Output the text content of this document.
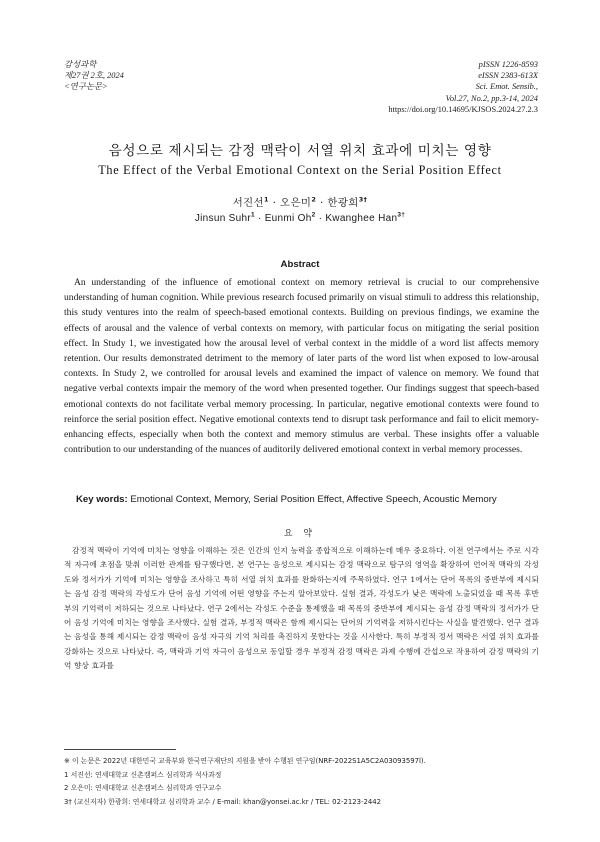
감성과학
제27권 2호, 2024
<연구논문>
pISSN 1226-8593
eISSN 2383-613X
Sci. Emot. Sensib.,
Vol.27, No.2, pp.3-14, 2024
https://doi.org/10.14695/KJSOS.2024.27.2.3
음성으로 제시되는 감정 맥락이 서열 위치 효과에 미치는 영향
The Effect of the Verbal Emotional Context on the Serial Position Effect
서진선$^1$ · 오은미$^2$ · 한광희$^{3\dagger}$
Jinsun Suhr$^1$ · Eunmi $Oh^2$ · Kwanghee Han$^{3\dagger}$
Abstract

An understanding of the influence of emotional context on memory retrieval is crucial to our comprehensive understanding of human cognition. While previous research focused primarily on visual stimuli to address this relationship, this study ventures into the realm of speech-based emotional contexts. Building on previous findings, we examine the effects of arousal and the valence of verbal contexts on memory, with particular focus on mitigating the serial position effect. In Study 1, we investigated how the arousal level of verbal context in the middle of a word list affects memory retention. Our results demonstrated detriment to the memory of later parts of the word list when exposed to low-arousal contexts. In Study 2, we controlled for arousal levels and examined the impact of valence on memory. We found that negative verbal contexts impair the memory of the word when presented together. Our findings suggest that speech-based emotional contexts do not facilitate verbal memory processing. In particular, negative emotional contexts were found to reinforce the serial position effect. Negative emotional contexts tend to disrupt task performance and fail to elicit memory-enhancing effects, especially when both the context and memory stimulus are verbal. These insights offer a valuable contribution to our understanding of the nuances of auditorily delivered emotional context in verbal memory processes.

Key words: Emotional Context, Memory, Serial Position Effect, Affective Speech, Acoustic Memory
요 약

감정적 맥락이 기억에 미치는 영향을 이해하는 것은 인간의 인지 능력을 종합적으로 이해하는데 매우 중요하다. 이전 연구에서는 주로 시각적 자극에 초점을 맞춰 이러한 관계를 탐구했다면, 본 연구는 음성으로 제시되는 감정 맥락으로 탐구의 영역을 확장하여 언어적 맥락의 각성도와 정서가가 기억에 미치는 영향을 조사하고 특히 서열 위치 효과를 완화하는지에 주목하였다. 연구 1에서는 단어 목록의 중반부에 제시되는 음성 감정 맥락의 각성도가 단어 음성 기억에 어떤 영향을 주는지 알아보았다. 실험 결과, 각성도가 낮은 맥락에 노출되었을 때 목록 후반부의 기억력이 저하되는 것으로 나타났다. 연구 2에서는 각성도 수준을 통제했을 때 목록의 중반부에 제시되는 음성 감정 맥락의 정서가가 단어 음성 기억에 미치는 영향을 조사했다. 실험 결과, 부정적 맥락은 함께 제시되는 단어의 기억력을 저하시킨다는 사실을 발견했다. 연구 결과는 음성을 통해 제시되는 감정 맥락이 음성 자극의 기억 처리를 촉진하지 못한다는 것을 시사한다. 특히 부정적 정서 맥락은 서열 위치 효과를 강화하는 것으로 나타났다. 즉, 맥락과 기억 자극이 음성으로 동일할 경우 부정적 감정 맥락은 과제 수행에 간섭으로 작용하여 감정 맥락의 기억 향상 효과를

※ 이 논문은 2022년 대한민국 교육부와 한국연구재단의 지원을 받아 수행된 연구임(NRF-2022S1A5C2A03093597l).
1 서진선: 연세대학교 신촌캠퍼스 심리학과 석사과정
2 오은미: 연세대학교 신촌캠퍼스 심리학과 연구교수
3† (교신저자) 한광희: 연세대학교 심리학과 교수 / E-mail: khan@yonsei.ac.kr / TEL: 02-2123-2442
